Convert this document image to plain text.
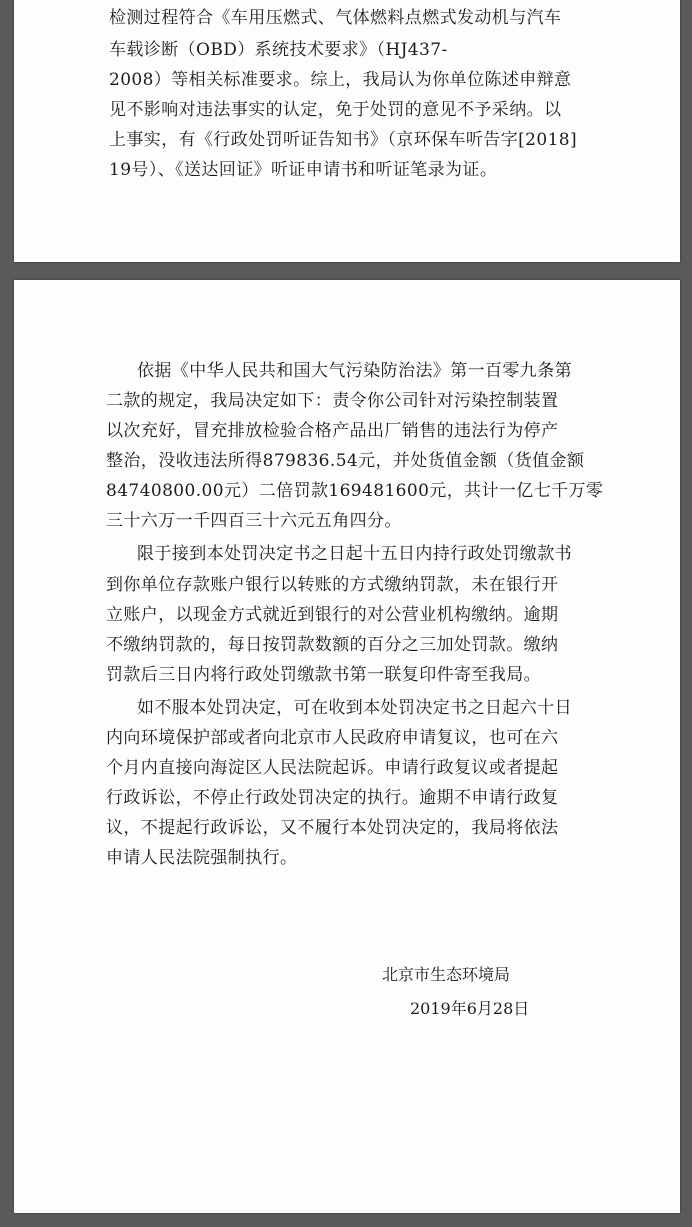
检测过程符合《车用压燃式、气体燃料点燃式发动机与汽车
车载诊断（OBD）系统技术要求》（HJ437-
2008）等相关标准要求。综上，我局认为你单位陈述申辩意
见不影响对违法事实的认定，免于处罚的意见不予采纳。以
上事实，有《行政处罚听证告知书》（京环保车听告字[2018]
19号）、《送达回证》听证申请书和听证笔录为证。
依据《中华人民共和国大气污染防治法》第一百零九条第
二款的规定，我局决定如下：责令你公司针对污染控制装置
以次充好，冒充排放检验合格产品出厂销售的违法行为停产
整治，没收违法所得879836.54元，并处货值金额（货值金额
84740800.00元）二倍罚款169481600元，共计一亿七千万零
三十六万一千四百三十六元五角四分。
限于接到本处罚决定书之日起十五日内持行政处罚缴款书
到你单位存款账户银行以转账的方式缴纳罚款，未在银行开
立账户，以现金方式就近到银行的对公营业机构缴纳。逾期
不缴纳罚款的，每日按罚款数额的百分之三加处罚款。缴纳
罚款后三日内将行政处罚缴款书第一联复印件寄至我局。
如不服本处罚决定，可在收到本处罚决定书之日起六十日
内向环境保护部或者向北京市人民政府申请复议，也可在六
个月内直接向海淀区人民法院起诉。申请行政复议或者提起
行政诉讼，不停止行政处罚决定的执行。逾期不申请行政复
议，不提起行政诉讼，又不履行本处罚决定的，我局将依法
申请人民法院强制执行。
北京市生态环境局
2019年6月28日
